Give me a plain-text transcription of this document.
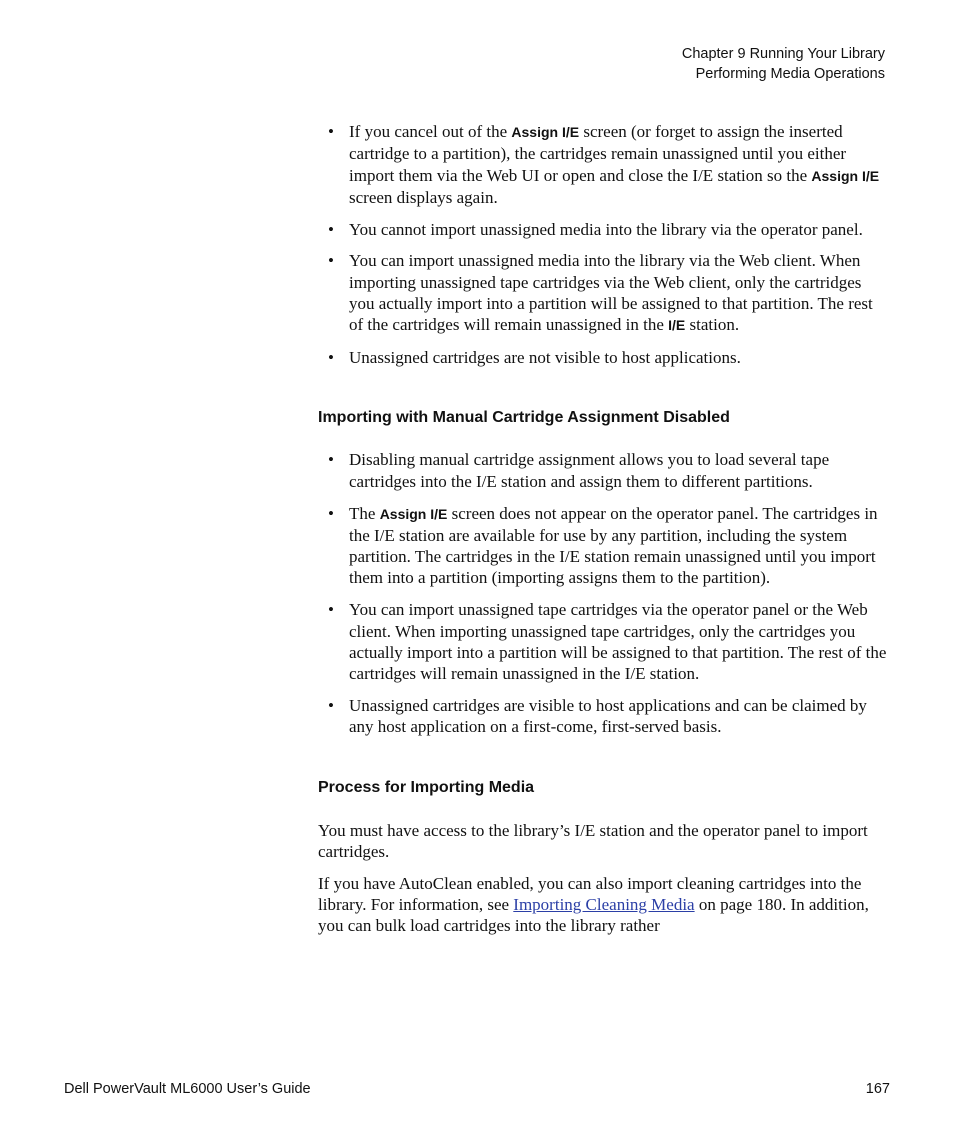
Chapter 9 Running Your Library
Performing Media Operations
• If you cancel out of the Assign I/E screen (or forget to assign the inserted cartridge to a partition), the cartridges remain unassigned until you either import them via the Web UI or open and close the I/E station so the Assign I/E screen displays again.
• You cannot import unassigned media into the library via the operator panel.
• You can import unassigned media into the library via the Web client. When importing unassigned tape cartridges via the Web client, only the cartridges you actually import into a partition will be assigned to that partition. The rest of the cartridges will remain unassigned in the I/E station.
• Unassigned cartridges are not visible to host applications.
Importing with Manual Cartridge Assignment Disabled
• Disabling manual cartridge assignment allows you to load several tape cartridges into the I/E station and assign them to different partitions.
• The Assign I/E screen does not appear on the operator panel. The cartridges in the I/E station are available for use by any partition, including the system partition. The cartridges in the I/E station remain unassigned until you import them into a partition (importing assigns them to the partition).
• You can import unassigned tape cartridges via the operator panel or the Web client. When importing unassigned tape cartridges, only the cartridges you actually import into a partition will be assigned to that partition. The rest of the cartridges will remain unassigned in the I/E station.
• Unassigned cartridges are visible to host applications and can be claimed by any host application on a first-come, first-served basis.
Process for Importing Media

You must have access to the library’s I/E station and the operator panel to import cartridges.

If you have AutoClean enabled, you can also import cleaning cartridges into the library. For information, see Importing Cleaning Media on page 180. In addition, you can bulk load cartridges into the library rather

Dell PowerVault ML6000 User’s Guide	167
